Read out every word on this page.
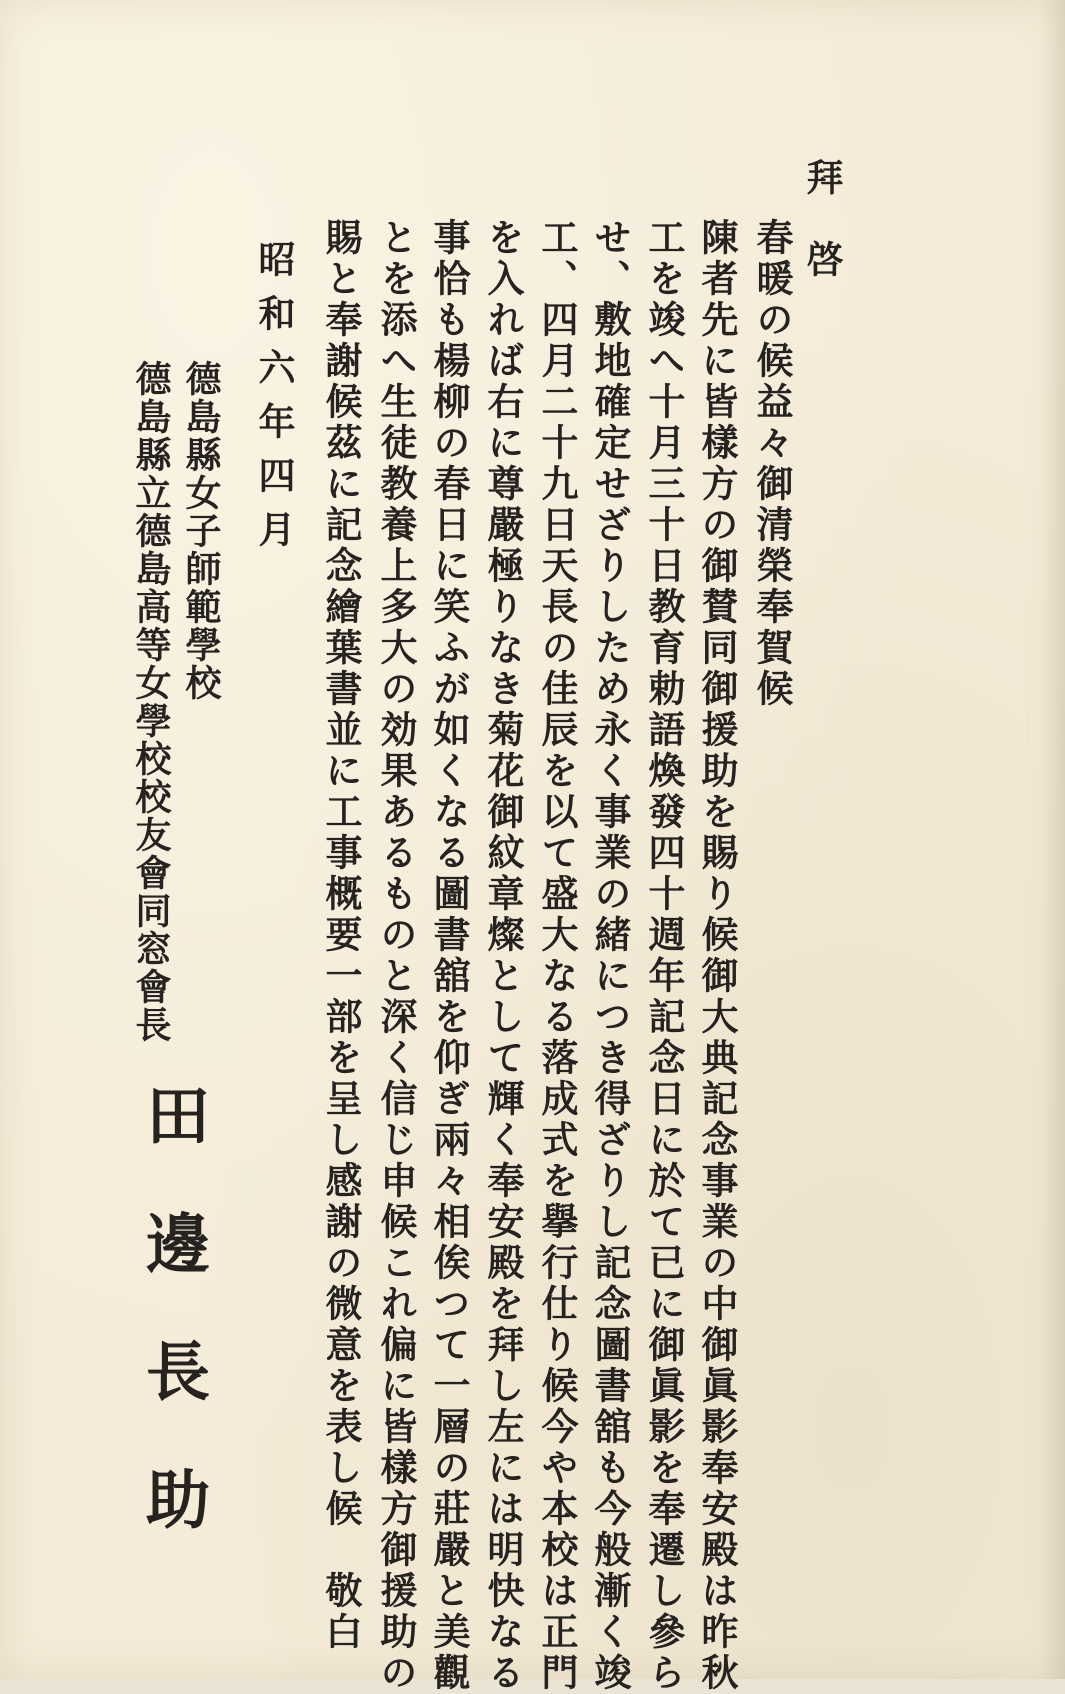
拜　啓
春暖の候益々御清榮奉賀候
陳者先に皆樣方の御賛同御援助を賜り候御大典記念事業の中御眞影奉安殿は昨秋
工を竣へ十月三十日教育勅語煥發四十週年記念日に於て已に御眞影を奉遷し參ら
せ、敷地確定せざりしため永く事業の緒につき得ざりし記念圖書舘も今般漸く竣
工、四月二十九日天長の佳辰を以て盛大なる落成式を擧行仕り候今や本校は正門
を入れば右に尊嚴極りなき菊花御紋章燦として輝く奉安殿を拜し左には明快なる
事恰も楊柳の春日に笑ふが如くなる圖書舘を仰ぎ兩々相俟つて一層の莊嚴と美觀
とを添へ生徒教養上多大の効果あるものと深く信じ申候これ偏に皆樣方御援助の
賜と奉謝候茲に記念繪葉書並に工事概要一部を呈し感謝の微意を表し候　敬白
昭和六年四月
德島縣女子師範學校
德島縣立德島高等女學校校友會同窓會長
田邊長助
